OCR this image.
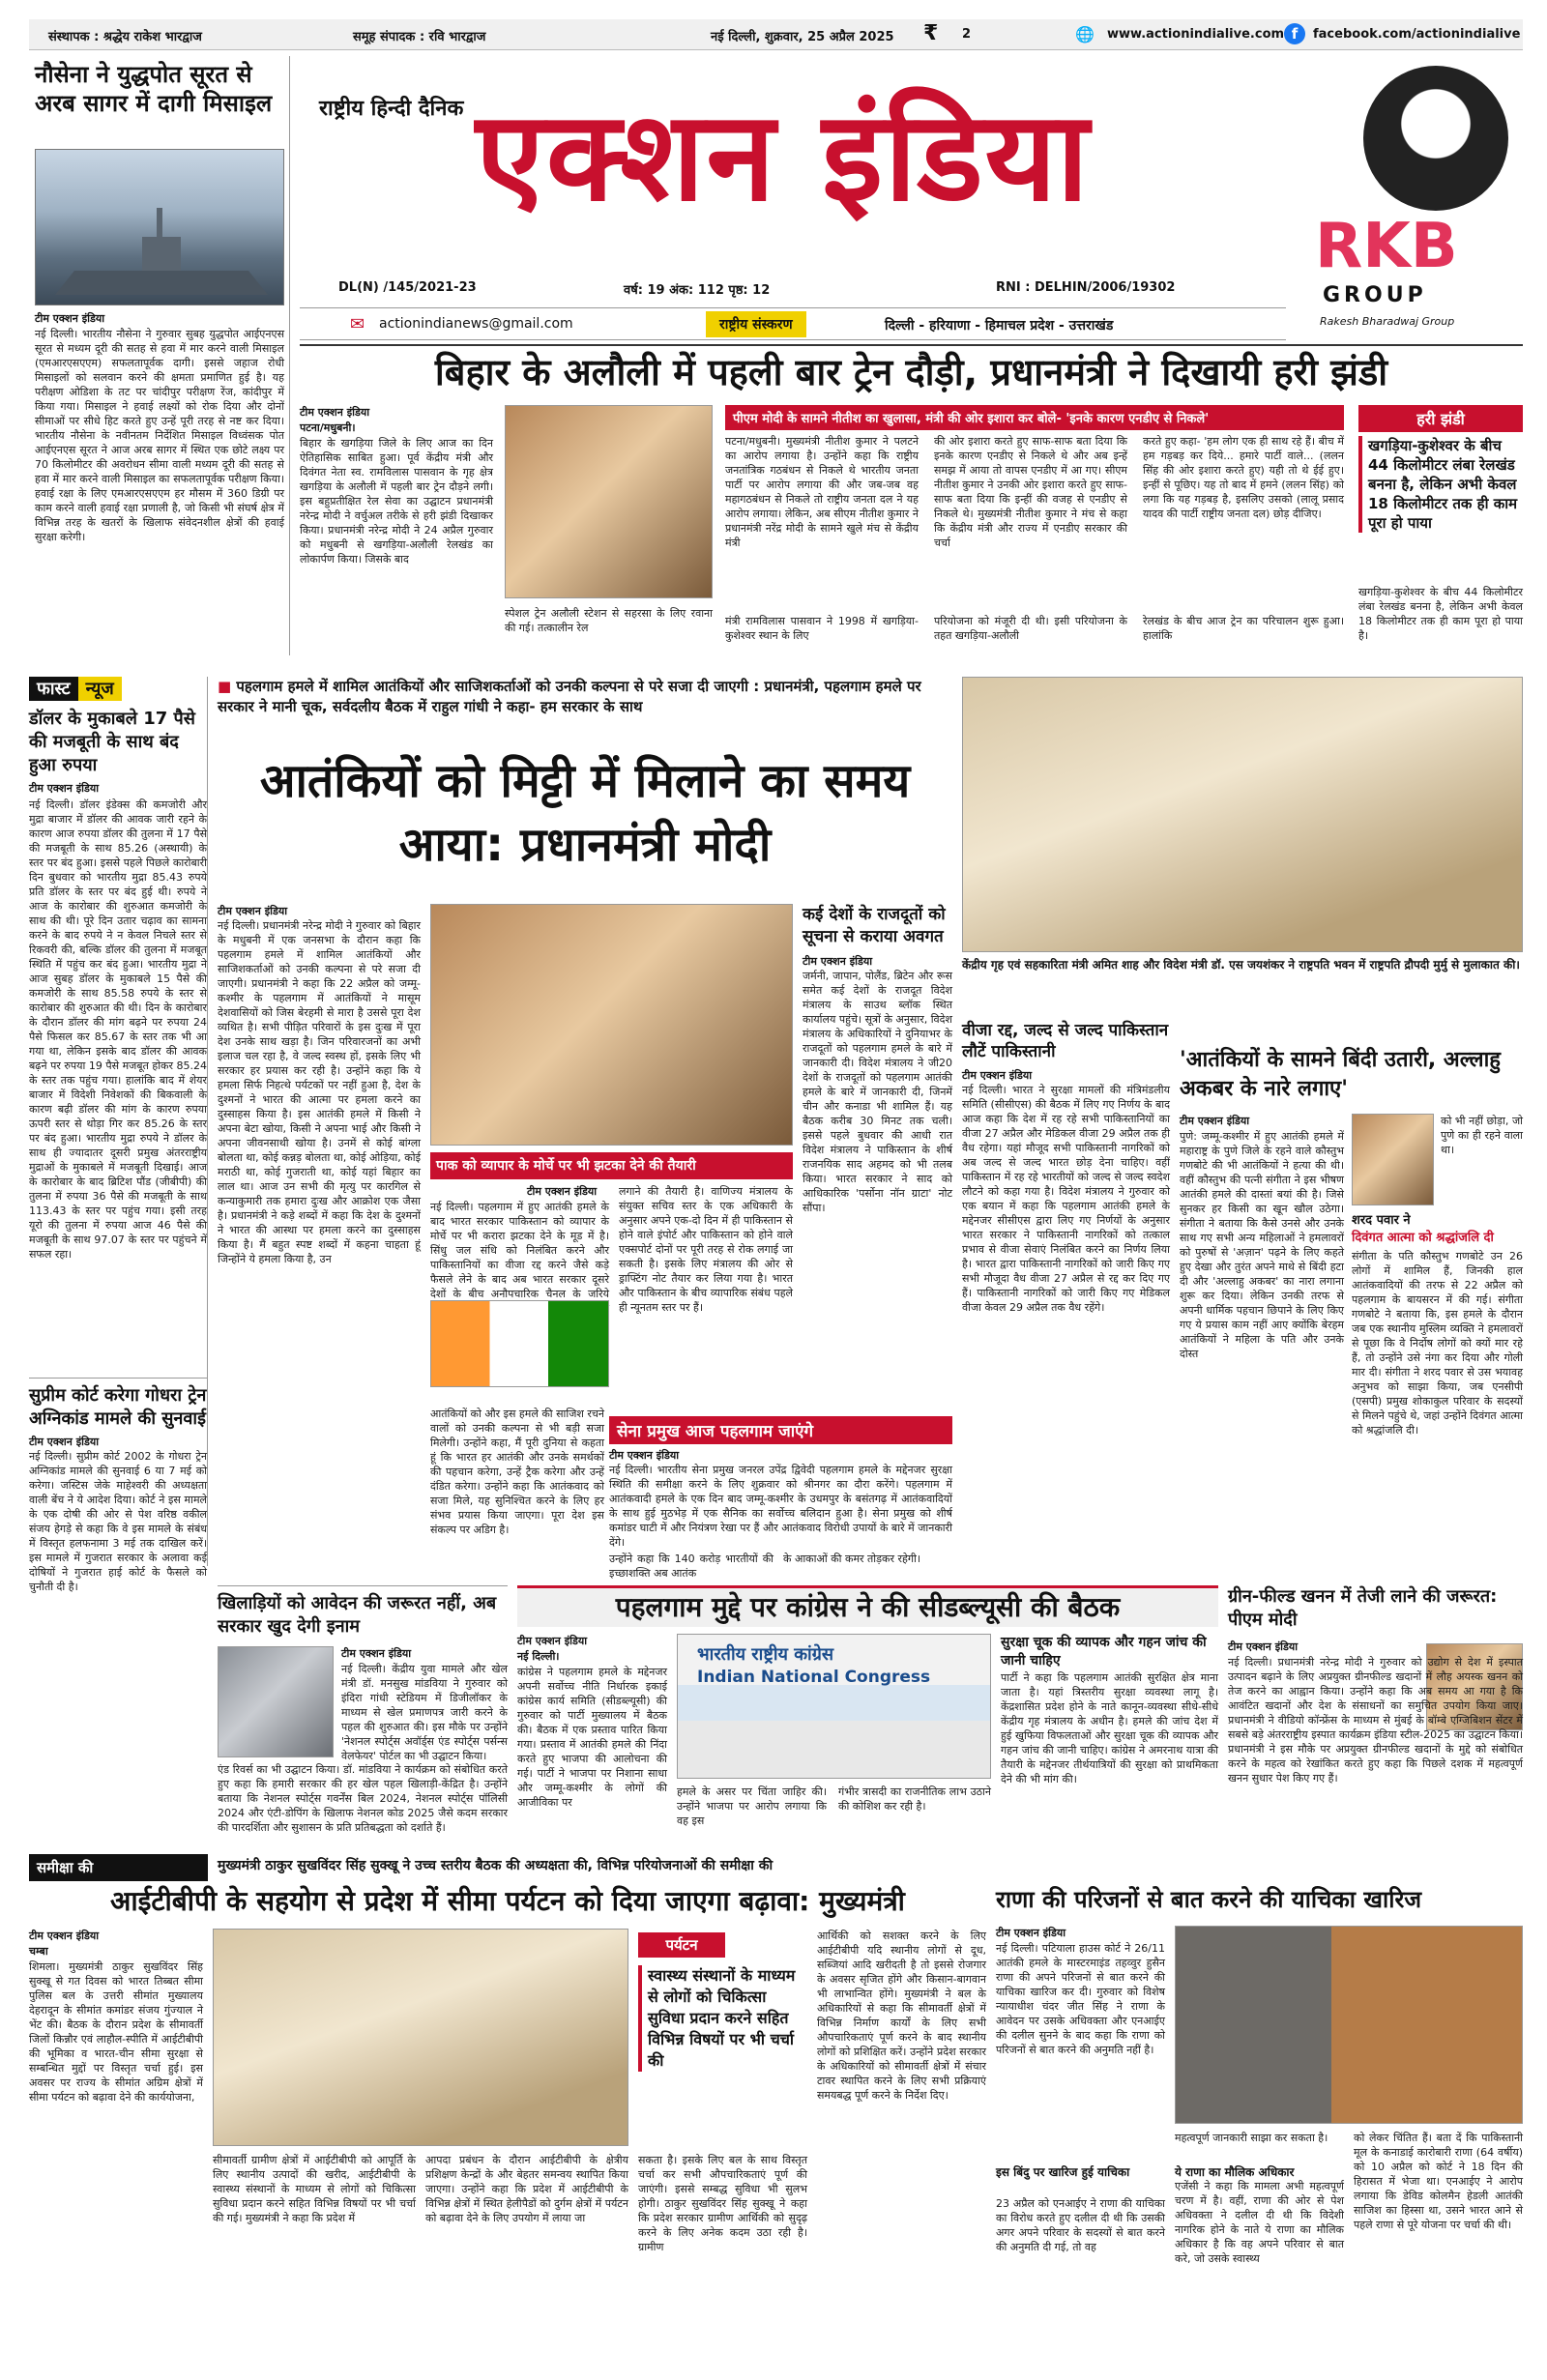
संस्थापक : श्रद्धेय राकेश भारद्वाज	समूह संपादक : रवि भारद्वाज	नई दिल्ली, शुक्रवार, 25 अप्रैल 2025 ₹ 2	🌐 www.actionindialive.com f	facebook.com/actionindialive
नौसेना ने युद्धपोत सूरत से अरब सागर में दागी मिसाइल
टीम एक्शन इंडिया
नई दिल्ली। भारतीय नौसेना ने गुरुवार सुबह युद्धपोत आईएनएस सूरत से मध्यम दूरी की सतह से हवा में मार करने वाली मिसाइल (एमआरएसएएम) सफलतापूर्वक दागी। इससे जहाज रोधी मिसाइलों को सलवान करने की क्षमता प्रमाणित हुई है। यह परीक्षण ओडिशा के तट पर चांदीपुर परीक्षण रेंज, कांदीपुर में किया गया। मिसाइल ने हवाई लक्ष्यों को रोक दिया और दोनों सीमाओं पर सीधे हिट करते हुए उन्हें पूरी तरह से नष्ट कर दिया। भारतीय नौसेना के नवीनतम निर्देशित मिसाइल विध्वंसक पोत आईएनएस सूरत ने आज अरब सागर में स्थित एक छोटे लक्ष्य पर 70 किलोमीटर की अवरोधन सीमा वाली मध्यम दूरी की सतह से हवा में मार करने वाली मिसाइल का सफलतापूर्वक परीक्षण किया। हवाई रक्षा के लिए एमआरएसएएम हर मौसम में 360 डिग्री पर काम करने वाली हवाई रक्षा प्रणाली है, जो किसी भी संघर्ष क्षेत्र में विभिन्न तरह के खतरों के खिलाफ संवेदनशील क्षेत्रों की हवाई सुरक्षा करेगी।
राष्ट्रीय हिन्दी दैनिक एक्शन इंडिया
DL(N) /145/2021-23	वर्ष: 19 अंक: 112 पृष्ठ: 12	RNI : DELHIN/2006/19302
✉ actionindianews@gmail.com	राष्ट्रीय संस्करण	दिल्ली - हरियाणा - हिमाचल प्रदेश - उत्तराखंड
RKB
GROUP
Rakesh Bharadwaj Group
बिहार के अलौली में पहली बार ट्रेन दौड़ी, प्रधानमंत्री ने दिखायी हरी झंडी
टीम एक्शन इंडिया
पटना/मधुबनी।
बिहार के खगड़िया जिले के लिए आज का दिन ऐतिहासिक साबित हुआ। पूर्व केंद्रीय मंत्री और दिवंगत नेता स्व. रामविलास पासवान के गृह क्षेत्र खगड़िया के अलौली में पहली बार ट्रेन दौड़ने लगी। इस बहुप्रतीक्षित रेल सेवा का उद्घाटन प्रधानमंत्री नरेन्द्र मोदी ने वर्चुअल तरीके से हरी झंडी दिखाकर किया। प्रधानमंत्री नरेन्द्र मोदी ने 24 अप्रैल गुरुवार को मधुबनी से खगड़िया-अलौली रेलखंड का लोकार्पण किया। जिसके बाद
स्पेशल ट्रेन अलौली स्टेशन से सहरसा के लिए रवाना की गई। तत्कालीन रेल
पीएम मोदी के सामने नीतीश का खुलासा, मंत्री की ओर इशारा कर बोले- 'इनके कारण एनडीए से निकले'
पटना/मधुबनी। मुख्यमंत्री नीतीश कुमार ने पलटने का आरोप लगाया है। उन्होंने कहा कि राष्ट्रीय जनतांत्रिक गठबंधन से निकले थे भारतीय जनता पार्टी पर आरोप लगाया की और जब-जब वह महागठबंधन से निकले तो राष्ट्रीय जनता दल ने यह आरोप लगाया। लेकिन, अब सीएम नीतीश कुमार ने प्रधानमंत्री नरेंद्र मोदी के सामने खुले मंच से केंद्रीय मंत्री
की ओर इशारा करते हुए साफ-साफ बता दिया कि इनके कारण एनडीए से निकले थे और अब इन्हें समझ में आया तो वापस एनडीए में आ गए। सीएम नीतीश कुमार ने उनकी ओर इशारा करते हुए साफ-साफ बता दिया कि इन्हीं की वजह से एनडीए से निकले थे। मुख्यमंत्री नीतीश कुमार ने मंच से कहा कि केंद्रीय मंत्री और राज्य में एनडीए सरकार की चर्चा
करते हुए कहा- 'हम लोग एक ही साथ रहे हैं। बीच में हम गड़बड़ कर दिये... हमारे पार्टी वाले... (ललन सिंह की ओर इशारा करते हुए) यही तो थे ईई हुए। इन्हीं से पूछिए। यह तो बाद में हमने (ललन सिंह) को लगा कि यह गड़बड़ है, इसलिए उसको (लालू प्रसाद यादव की पार्टी राष्ट्रीय जनता दल) छोड़ दीजिए।
मंत्री रामविलास पासवान ने 1998 में खगड़िया-कुशेश्वर स्थान के लिए
परियोजना को मंजूरी दी थी। इसी परियोजना के तहत खगड़िया-अलौली
रेलखंड के बीच आज ट्रेन का परिचालन शुरू हुआ। हालांकि
हरी झंडी
खगड़िया-कुशेश्वर के बीच 44 किलोमीटर लंबा रेलखंड बनना है, लेकिन अभी केवल 18 किलोमीटर तक ही काम पूरा हो पाया
खगड़िया-कुशेश्वर के बीच 44 किलोमीटर लंबा रेलखंड बनना है, लेकिन अभी केवल 18 किलोमीटर तक ही काम पूरा हो पाया है।
फास्ट न्यूज
डॉलर के मुकाबले 17 पैसे की मजबूती के साथ बंद हुआ रुपया
टीम एक्शन इंडिया
नई दिल्ली। डॉलर इंडेक्स की कमजोरी और मुद्रा बाजार में डॉलर की आवक जारी रहने के कारण आज रुपया डॉलर की तुलना में 17 पैसे की मजबूती के साथ 85.26 (अस्थायी) के स्तर पर बंद हुआ। इससे पहले पिछले कारोबारी दिन बुधवार को भारतीय मुद्रा 85.43 रुपये प्रति डॉलर के स्तर पर बंद हुई थी। रुपये ने आज के कारोबार की शुरुआत कमजोरी के साथ की थी। पूरे दिन उतार चढ़ाव का सामना करने के बाद रुपये ने न केवल निचले स्तर से रिकवरी की, बल्कि डॉलर की तुलना में मजबूत स्थिति में पहुंच कर बंद हुआ। भारतीय मुद्रा ने आज सुबह डॉलर के मुकाबले 15 पैसे की कमजोरी के साथ 85.58 रुपये के स्तर से कारोबार की शुरुआत की थी। दिन के कारोबार के दौरान डॉलर की मांग बढ़ने पर रुपया 24 पैसे फिसल कर 85.67 के स्तर तक भी आ गया था, लेकिन इसके बाद डॉलर की आवक बढ़ने पर रुपया 19 पैसे मजबूत होकर 85.24 के स्तर तक पहुंच गया। हालांकि बाद में शेयर बाजार में विदेशी निवेशकों की बिकवाली के कारण बढ़ी डॉलर की मांग के कारण रुपया ऊपरी स्तर से थोड़ा गिर कर 85.26 के स्तर पर बंद हुआ। भारतीय मुद्रा रुपये ने डॉलर के साथ ही ज्यादातर दूसरी प्रमुख अंतरराष्ट्रीय मुद्राओं के मुकाबले में मजबूती दिखाई। आज के कारोबार के बाद ब्रिटिश पौंड (जीबीपी) की तुलना में रुपया 36 पैसे की मजबूती के साथ 113.43 के स्तर पर पहुंच गया। इसी तरह यूरो की तुलना में रुपया आज 46 पैसे की मजबूती के साथ 97.07 के स्तर पर पहुंचने में सफल रहा।
सुप्रीम कोर्ट करेगा गोधरा ट्रेन अग्निकांड मामले की सुनवाई
टीम एक्शन इंडिया
नई दिल्ली। सुप्रीम कोर्ट 2002 के गोधरा ट्रेन अग्निकांड मामले की सुनवाई 6 या 7 मई को करेगा। जस्टिस जेके माहेश्वरी की अध्यक्षता वाली बेंच ने ये आदेश दिया। कोर्ट ने इस मामले के एक दोषी की ओर से पेश वरिष्ठ वकील संजय हेगड़े से कहा कि वे इस मामले के संबंध में विस्तृत हलफनामा 3 मई तक दाखिल करें। इस मामले में गुजरात सरकार के अलावा कई दोषियों ने गुजरात हाई कोर्ट के फैसले को चुनौती दी है।
■ पहलगाम हमले में शामिल आतंकियों और साजिशकर्ताओं को उनकी कल्पना से परे सजा दी जाएगी : प्रधानमंत्री, पहलगाम हमले पर सरकार ने मानी चूक, सर्वदलीय बैठक में राहुल गांधी ने कहा- हम सरकार के साथ
आतंकियों को मिट्टी में मिलाने का समय आया: प्रधानमंत्री मोदी
टीम एक्शन इंडिया
नई दिल्ली। प्रधानमंत्री नरेन्द्र मोदी ने गुरुवार को बिहार के मधुबनी में एक जनसभा के दौरान कहा कि पहलगाम हमले में शामिल आतंकियों और साजिशकर्ताओं को उनकी कल्पना से परे सजा दी जाएगी। प्रधानमंत्री ने कहा कि 22 अप्रैल को जम्मू-कश्मीर के पहलगाम में आतंकियों ने मासूम देशवासियों को जिस बेरहमी से मारा है उससे पूरा देश व्यथित है। सभी पीड़ित परिवारों के इस दुःख में पूरा देश उनके साथ खड़ा है। जिन परिवारजनों का अभी इलाज चल रहा है, वे जल्द स्वस्थ हों, इसके लिए भी सरकार हर प्रयास कर रही है। उन्होंने कहा कि ये हमला सिर्फ निहत्थे पर्यटकों पर नहीं हुआ है, देश के दुश्मनों ने भारत की आत्मा पर हमला करने का दुस्साहस किया है। इस आतंकी हमले में किसी ने अपना बेटा खोया, किसी ने अपना भाई और किसी ने अपना जीवनसाथी खोया है। उनमें से कोई बांग्ला बोलता था, कोई कन्नड़ बोलता था, कोई ओड़िया, कोई मराठी था, कोई गुजराती था, कोई यहां बिहार का लाल था। आज उन सभी की मृत्यु पर कारगिल से कन्याकुमारी तक हमारा दुःख और आक्रोश एक जैसा है। प्रधानमंत्री ने कड़े शब्दों में कहा कि देश के दुश्मनों ने भारत की आस्था पर हमला करने का दुस्साहस किया है। मैं बहुत स्पष्ट शब्दों में कहना चाहता हूं जिन्होंने ये हमला किया है, उन
कई देशों के राजदूतों को सूचना से कराया अवगत
टीम एक्शन इंडिया
जर्मनी, जापान, पोलैंड, ब्रिटेन और रूस समेत कई देशों के राजदूत विदेश मंत्रालय के साउथ ब्लॉक स्थित कार्यालय पहुंचे। सूत्रों के अनुसार, विदेश मंत्रालय के अधिकारियों ने दुनियाभर के राजदूतों को पहलगाम हमले के बारे में जानकारी दी। विदेश मंत्रालय ने जी20 देशों के राजदूतों को पहलगाम आतंकी हमले के बारे में जानकारी दी, जिनमें चीन और कनाडा भी शामिल हैं। यह बैठक करीब 30 मिनट तक चली। इससे पहले बुधवार की आधी रात विदेश मंत्रालय ने पाकिस्तान के शीर्ष राजनयिक साद अहमद को भी तलब किया। भारत सरकार ने साद को आधिकारिक 'पर्सोना नॉन ग्राटा' नोट सौंपा।
पाक को व्यापार के मोर्चे पर भी झटका देने की तैयारी
टीम एक्शन इंडिया
नई दिल्ली। पहलगाम में हुए आतंकी हमले के बाद भारत सरकार पाकिस्तान को व्यापार के मोर्चे पर भी करारा झटका देने के मूड में है। सिंधु जल संधि को निलंबित करने और पाकिस्तानियों का वीजा रद्द करने जैसे कड़े फैसले लेने के बाद अब भारत सरकार दूसरे देशों के बीच अनौपचारिक चैनल के जरिये
लगाने की तैयारी है। वाणिज्य मंत्रालय के संयुक्त सचिव स्तर के एक अधिकारी के अनुसार अपने एक-दो दिन में ही पाकिस्तान से होने वाले इंपोर्ट और पाकिस्तान को होने वाले एक्सपोर्ट दोनों पर पूरी तरह से रोक लगाई जा सकती है। इसके लिए मंत्रालय की ओर से ड्राफ्टिंग नोट तैयार कर लिया गया है। भारत और पाकिस्तान के बीच व्यापारिक संबंध पहले ही न्यूनतम स्तर पर हैं।
आतंकियों को और इस हमले की साजिश रचने वालों को उनकी कल्पना से भी बड़ी सजा मिलेगी। उन्होंने कहा, मैं पूरी दुनिया से कहता हूं कि भारत हर आतंकी और उनके समर्थकों की पहचान करेगा, उन्हें ट्रैक करेगा और उन्हें दंडित करेगा। उन्होंने कहा कि आतंकवाद को सजा मिले, यह सुनिश्चित करने के लिए हर संभव प्रयास किया जाएगा। पूरा देश इस संकल्प पर अडिग है।
सेना प्रमुख आज पहलगाम जाएंगे
टीम एक्शन इंडिया
नई दिल्ली। भारतीय सेना प्रमुख जनरल उपेंद्र द्विवेदी पहलगाम हमले के मद्देनजर सुरक्षा स्थिति की समीक्षा करने के लिए शुक्रवार को श्रीनगर का दौरा करेंगे। पहलगाम में आतंकवादी हमले के एक दिन बाद जम्मू-कश्मीर के उधमपुर के बसंतगढ़ में आतंकवादियों के साथ हुई मुठभेड़ में एक सैनिक का सर्वोच्च बलिदान हुआ है। सेना प्रमुख को शीर्ष कमांडर घाटी में और नियंत्रण रेखा पर हैं और आतंकवाद विरोधी उपायों के बारे में जानकारी देंगे।
उन्होंने कहा कि 140 करोड़ भारतीयों की इच्छाशक्ति अब आतंक
के आकाओं की कमर तोड़कर रहेगी।
केंद्रीय गृह एवं सहकारिता मंत्री अमित शाह और विदेश मंत्री डॉ. एस जयशंकर ने राष्ट्रपति भवन में राष्ट्रपति द्रौपदी मुर्मु से मुलाकात की।
वीजा रद्द, जल्द से जल्द पाकिस्तान लौटें पाकिस्तानी
टीम एक्शन इंडिया
नई दिल्ली। भारत ने सुरक्षा मामलों की मंत्रिमंडलीय समिति (सीसीएस) की बैठक में लिए गए निर्णय के बाद आज कहा कि देश में रह रहे सभी पाकिस्तानियों का वीजा 27 अप्रैल और मेडिकल वीजा 29 अप्रैल तक ही वैध रहेगा। यहां मौजूद सभी पाकिस्तानी नागरिकों को अब जल्द से जल्द भारत छोड़ देना चाहिए। वहीं पाकिस्तान में रह रहे भारतीयों को जल्द से जल्द स्वदेश लौटने को कहा गया है। विदेश मंत्रालय ने गुरुवार को एक बयान में कहा कि पहलगाम आतंकी हमले के मद्देनजर सीसीएस द्वारा लिए गए निर्णयों के अनुसार भारत सरकार ने पाकिस्तानी नागरिकों को तत्काल प्रभाव से वीजा सेवाएं निलंबित करने का निर्णय लिया है। भारत द्वारा पाकिस्तानी नागरिकों को जारी किए गए सभी मौजूदा वैध वीजा 27 अप्रैल से रद्द कर दिए गए हैं। पाकिस्तानी नागरिकों को जारी किए गए मेडिकल वीजा केवल 29 अप्रैल तक वैध रहेंगे।
'आतंकियों के सामने बिंदी उतारी, अल्लाहु अकबर के नारे लगाए'
टीम एक्शन इंडिया
पुणे: जम्मू-कश्मीर में हुए आतंकी हमले में महाराष्ट्र के पुणे जिले के रहने वाले कौस्तुभ गणबोटे की भी आतंकियों ने हत्या की थी। वहीं कौस्तुभ की पत्नी संगीता ने इस भीषण आतंकी हमले की दास्तां बयां की है। जिसे सुनकर हर किसी का खून खौल उठेगा। संगीता ने बताया कि कैसे उनसे और उनके साथ गए सभी अन्य महिलाओं ने हमलावरों को पुरुषों से 'अज़ान' पढ़ने के लिए कहते हुए देखा और तुरंत अपने माथे से बिंदी हटा दी और 'अल्लाहु अकबर' का नारा लगाना शुरू कर दिया। लेकिन उनकी तरफ से अपनी धार्मिक पहचान छिपाने के लिए किए गए ये प्रयास काम नहीं आए क्योंकि बेरहम आतंकियों ने महिला के पति और उनके दोस्त
को भी नहीं छोड़ा, जो पुणे का ही रहने वाला था।
शरद पवार ने
दिवंगत आत्मा को श्रद्धांजलि दी
संगीता के पति कौस्तुभ गणबोटे उन 26 लोगों में शामिल हैं, जिनकी हाल आतंकवादियों की तरफ से 22 अप्रैल को पहलगाम के बायसरन में की गई। संगीता गणबोटे ने बताया कि, इस हमले के दौरान जब एक स्थानीय मुस्लिम व्यक्ति ने हमलावरों से पूछा कि वे निर्दोष लोगों को क्यों मार रहे हैं, तो उन्होंने उसे नंगा कर दिया और गोली मार दी। संगीता ने शरद पवार से उस भयावह अनुभव को साझा किया, जब एनसीपी (एसपी) प्रमुख शोकाकुल परिवार के सदस्यों से मिलने पहुंचे थे, जहां उन्होंने दिवंगत आत्मा को श्रद्धांजलि दी।
खिलाड़ियों को आवेदन की जरूरत नहीं, अब सरकार खुद देगी इनाम
टीम एक्शन इंडिया
नई दिल्ली। केंद्रीय युवा मामले और खेल मंत्री डॉ. मनसुख मांडविया ने गुरुवार को इंदिरा गांधी स्टेडियम में डिजीलॉकर के माध्यम से खेल प्रमाणपत्र जारी करने के पहल की शुरुआत की। इस मौके पर उन्होंने 'नेशनल स्पोर्ट्स अवॉर्ड्स एंड स्पोर्ट्स पर्सन्स वेलफेयर' पोर्टल का भी उद्घाटन किया।
एंड रिवर्स का भी उद्घाटन किया। डॉ. मांडविया ने कार्यक्रम को संबोधित करते हुए कहा कि हमारी सरकार की हर खेल पहल खिलाड़ी-केंद्रित है। उन्होंने बताया कि नेशनल स्पोर्ट्स गवर्नेंस बिल 2024, नेशनल स्पोर्ट्स पॉलिसी 2024 और एंटी-डोपिंग के खिलाफ नेशनल कोड 2025 जैसे कदम सरकार की पारदर्शिता और सुशासन के प्रति प्रतिबद्धता को दर्शाते हैं।
पहलगाम मुद्दे पर कांग्रेस ने की सीडब्ल्यूसी की बैठक
टीम एक्शन इंडिया
नई दिल्ली।
कांग्रेस ने पहलगाम हमले के मद्देनजर अपनी सर्वोच्च नीति निर्धारक इकाई कांग्रेस कार्य समिति (सीडब्ल्यूसी) की गुरुवार को पार्टी मुख्यालय में बैठक की। बैठक में एक प्रस्ताव पारित किया गया। प्रस्ताव में आतंकी हमले की निंदा करते हुए भाजपा की आलोचना की गई। पार्टी ने भाजपा पर निशाना साधा और जम्मू-कश्मीर के लोगों की आजीविका पर
भारतीय राष्ट्रीय कांग्रेस
Indian National Congress
हमले के असर पर चिंता जाहिर की। उन्होंने भाजपा पर आरोप लगाया कि वह इस
गंभीर त्रासदी का राजनीतिक लाभ उठाने की कोशिश कर रही है।
सुरक्षा चूक की व्यापक और गहन जांच की जानी चाहिए
पार्टी ने कहा कि पहलगाम आतंकी सुरक्षित क्षेत्र माना जाता है। यहां त्रिस्तरीय सुरक्षा व्यवस्था लागू है। केंद्रशासित प्रदेश होने के नाते कानून-व्यवस्था सीधे-सीधे केंद्रीय गृह मंत्रालय के अधीन है। हमले की जांच देश में हुई खुफिया विफलताओं और सुरक्षा चूक की व्यापक और गहन जांच की जानी चाहिए। कांग्रेस ने अमरनाथ यात्रा की तैयारी के मद्देनजर तीर्थयात्रियों की सुरक्षा को प्राथमिकता देने की भी मांग की।
ग्रीन-फील्ड खनन में तेजी लाने की जरूरत: पीएम मोदी
टीम एक्शन इंडिया
नई दिल्ली। प्रधानमंत्री नरेन्द्र मोदी ने गुरुवार को उद्योग से देश में इस्पात उत्पादन बढ़ाने के लिए अप्रयुक्त ग्रीनफील्ड खदानों में लौह अयस्क खनन को तेज करने का आह्वान किया। उन्होंने कहा कि अब समय आ गया है कि आवंटित खदानों और देश के संसाधनों का समुचित उपयोग किया जाए। प्रधानमंत्री ने वीडियो कॉन्फ्रेंस के माध्यम से मुंबई के बॉम्बे एग्जिबिशन सेंटर में सबसे बड़े अंतरराष्ट्रीय इस्पात कार्यक्रम इंडिया स्टील-2025 का उद्घाटन किया। प्रधानमंत्री ने इस मौके पर अप्रयुक्त ग्रीनफील्ड खदानों के मुद्दे को संबोधित करने के महत्व को रेखांकित करते हुए कहा कि पिछले दशक में महत्वपूर्ण खनन सुधार पेश किए गए हैं।
समीक्षा की	मुख्यमंत्री ठाकुर सुखविंदर सिंह सुक्खू ने उच्च स्तरीय बैठक की अध्यक्षता की, विभिन्न परियोजनाओं की समीक्षा की
आईटीबीपी के सहयोग से प्रदेश में सीमा पर्यटन को दिया जाएगा बढ़ावा: मुख्यमंत्री
टीम एक्शन इंडिया
चम्बा
शिमला। मुख्यमंत्री ठाकुर सुखविंदर सिंह सुक्खू से गत दिवस को भारत तिब्बत सीमा पुलिस बल के उत्तरी सीमांत मुख्यालय देहरादून के सीमांत कमांडर संजय गुंज्याल ने भेंट की। बैठक के दौरान प्रदेश के सीमावर्ती जिलों किन्नौर एवं लाहौल-स्पीति में आईटीबीपी की भूमिका व भारत-चीन सीमा सुरक्षा से सम्बन्धित मुद्दों पर विस्तृत चर्चा हुई। इस अवसर पर राज्य के सीमांत अग्रिम क्षेत्रों में सीमा पर्यटन को बढ़ावा देने की कार्ययोजना,
सीमावर्ती ग्रामीण क्षेत्रों में आईटीबीपी को आपूर्ति के लिए स्थानीय उत्पादों की खरीद, आईटीबीपी के स्वास्थ्य संस्थानों के माध्यम से लोगों को चिकित्सा सुविधा प्रदान करने सहित विभिन्न विषयों पर भी चर्चा की गई। मुख्यमंत्री ने कहा कि प्रदेश में
आपदा प्रबंधन के दौरान आईटीबीपी के क्षेत्रीय प्रशिक्षण केन्द्रों के और बेहतर समन्वय स्थापित किया जाएगा। उन्होंने कहा कि प्रदेश में आईटीबीपी के विभिन्न क्षेत्रों में स्थित हेलीपैडों को दुर्गम क्षेत्रों में पर्यटन को बढ़ावा देने के लिए उपयोग में लाया जा
पर्यटन
स्वास्थ्य संस्थानों के माध्यम से लोगों को चिकित्सा सुविधा प्रदान करने सहित विभिन्न विषयों पर भी चर्चा की
सकता है। इसके लिए बल के साथ विस्तृत चर्चा कर सभी औपचारिकताएं पूर्ण की जाएंगी। इससे सम्बद्ध सुविधा भी सुलभ होगी। ठाकुर सुखविंदर सिंह सुक्खू ने कहा कि प्रदेश सरकार ग्रामीण आर्थिकी को सुदृढ़ करने के लिए अनेक कदम उठा रही है। ग्रामीण
आर्थिकी को सशक्त करने के लिए आईटीबीपी यदि स्थानीय लोगों से दूध, सब्जियां आदि खरीदती है तो इससे रोजगार के अवसर सृजित होंगे और किसान-बागवान भी लाभान्वित होंगे। मुख्यमंत्री ने बल के अधिकारियों से कहा कि सीमावर्ती क्षेत्रों में विभिन्न निर्माण कार्यों के लिए सभी औपचारिकताएं पूर्ण करने के बाद स्थानीय लोगों को प्रशिक्षित करें। उन्होंने प्रदेश सरकार के अधिकारियों को सीमावर्ती क्षेत्रों में संचार टावर स्थापित करने के लिए सभी प्रक्रियाएं समयबद्ध पूर्ण करने के निर्देश दिए।
राणा की परिजनों से बात करने की याचिका खारिज
टीम एक्शन इंडिया
नई दिल्ली। पटियाला हाउस कोर्ट ने 26/11 आतंकी हमले के मास्टरमाइंड तहव्वुर हुसैन राणा की अपने परिजनों से बात करने की याचिका खारिज कर दी। गुरुवार को विशेष न्यायाधीश चंदर जीत सिंह ने राणा के आवेदन पर उसके अधिवक्ता और एनआईए की दलील सुनने के बाद कहा कि राणा को परिजनों से बात करने की अनुमति नहीं है।
इस बिंदु पर खारिज हुई याचिका
23 अप्रैल को एनआईए ने राणा की याचिका का विरोध करते हुए दलील दी थी कि उसकी अगर अपने परिवार के सदस्यों से बात करने की अनुमति दी गई, तो वह
महत्वपूर्ण जानकारी साझा कर सकता है।
ये राणा का मौलिक अधिकार
एजेंसी ने कहा कि मामला अभी महत्वपूर्ण चरण में है। वहीं, राणा की ओर से पेश अधिवक्ता ने दलील दी थी कि विदेशी नागरिक होने के नाते ये राणा का मौलिक अधिकार है कि वह अपने परिवार से बात करे, जो उसके स्वास्थ्य
को लेकर चिंतित हैं। बता दें कि पाकिस्तानी मूल के कनाडाई कारोबारी राणा (64 वर्षीय) को 10 अप्रैल को कोर्ट ने 18 दिन की हिरासत में भेजा था। एनआईए ने आरोप लगाया कि डेविड कोलमैन हेडली आतंकी साजिश का हिस्सा था, उसने भारत आने से पहले राणा से पूरे योजना पर चर्चा की थी।
